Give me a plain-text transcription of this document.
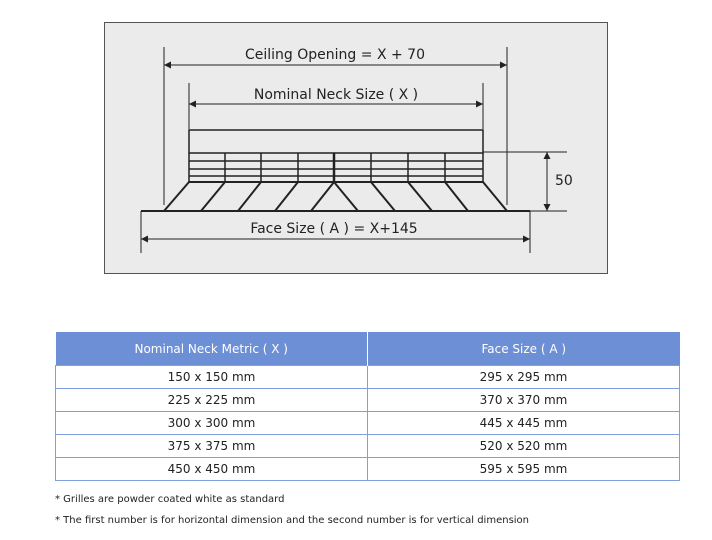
Ceiling Opening = X + 70
Nominal Neck Size ( X )
Face Size ( A ) = X+145
50
Nominal Neck Metric ( X )	Face Size ( A )
150 x 150 mm	295 x 295 mm
225 x 225 mm	370 x 370 mm
300 x 300 mm	445 x 445 mm
375 x 375 mm	520 x 520 mm
450 x 450 mm	595 x 595 mm
* Grilles are powder coated white as standard
* The first number is for horizontal dimension and the second number is for vertical dimension
